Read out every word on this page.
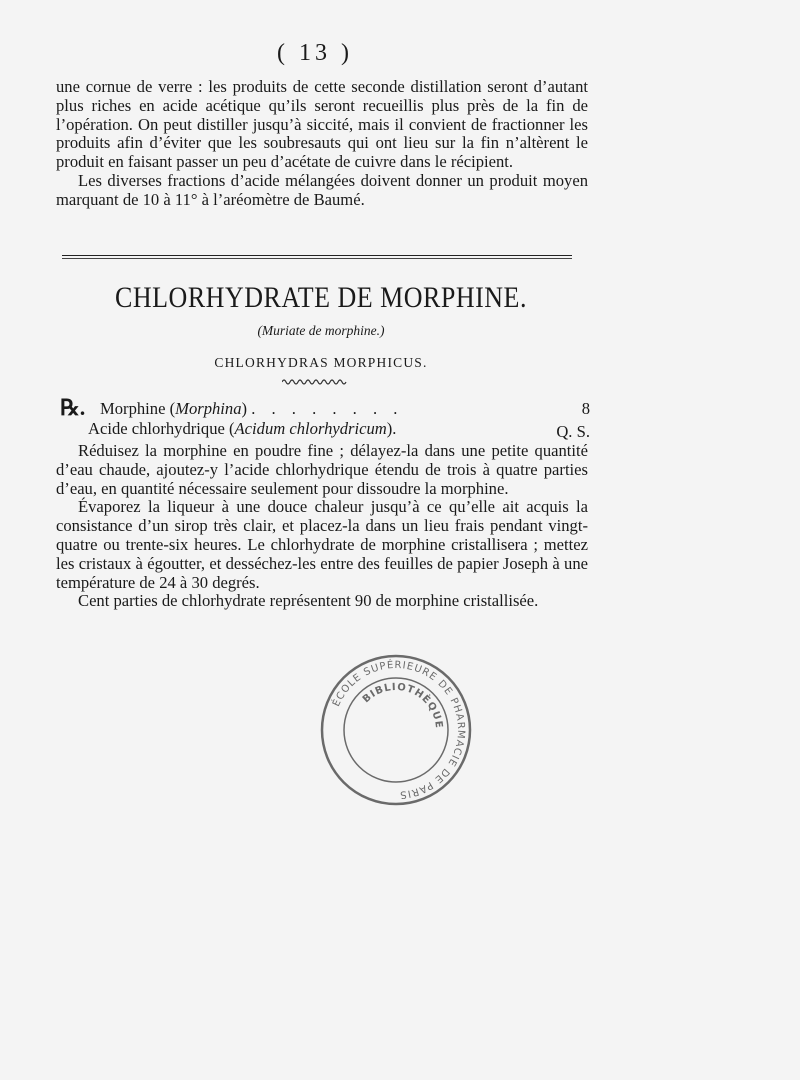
( 13 )

une cornue de verre : les produits de cette seconde distillation seront d’autant plus riches en acide acétique qu’ils seront recueillis plus près de la fin de l’opération. On peut distiller jusqu’à siccité, mais il convient de fractionner les produits afin d’éviter que les soubresauts qui ont lieu sur la fin n’altèrent le produit en faisant passer un peu d’acétate de cuivre dans le récipient.

Les diverses fractions d’acide mélangées doivent donner un produit moyen marquant de 10 à 11° à l’aréomètre de Baumé.

CHLORHYDRATE DE MORPHINE.
(Muriate de morphine.)
CHLORHYDRAS MORPHICUS.
℞. Morphine (Morphina) . . . . . . . .	8
Acide chlorhydrique (Acidum chlorhydricum).	Q. S.

Réduisez la morphine en poudre fine ; délayez-la dans une petite quantité d’eau chaude, ajoutez-y l’acide chlorhydrique étendu de trois à quatre parties d’eau, en quantité nécessaire seulement pour dissoudre la morphine.

Évaporez la liqueur à une douce chaleur jusqu’à ce qu’elle ait acquis la consistance d’un sirop très clair, et placez-la dans un lieu frais pendant vingt-quatre ou trente-six heures. Le chlorhydrate de morphine cristallisera ; mettez les cristaux à égoutter, et desséchez-les entre des feuilles de papier Joseph à une température de 24 à 30 degrés.

Cent parties de chlorhydrate représentent 90 de morphine cristallisée.

ÉCOLE SUPÉRIEURE DE PHARMACIE DE PARIS
BIBLIOTHÈQUE
